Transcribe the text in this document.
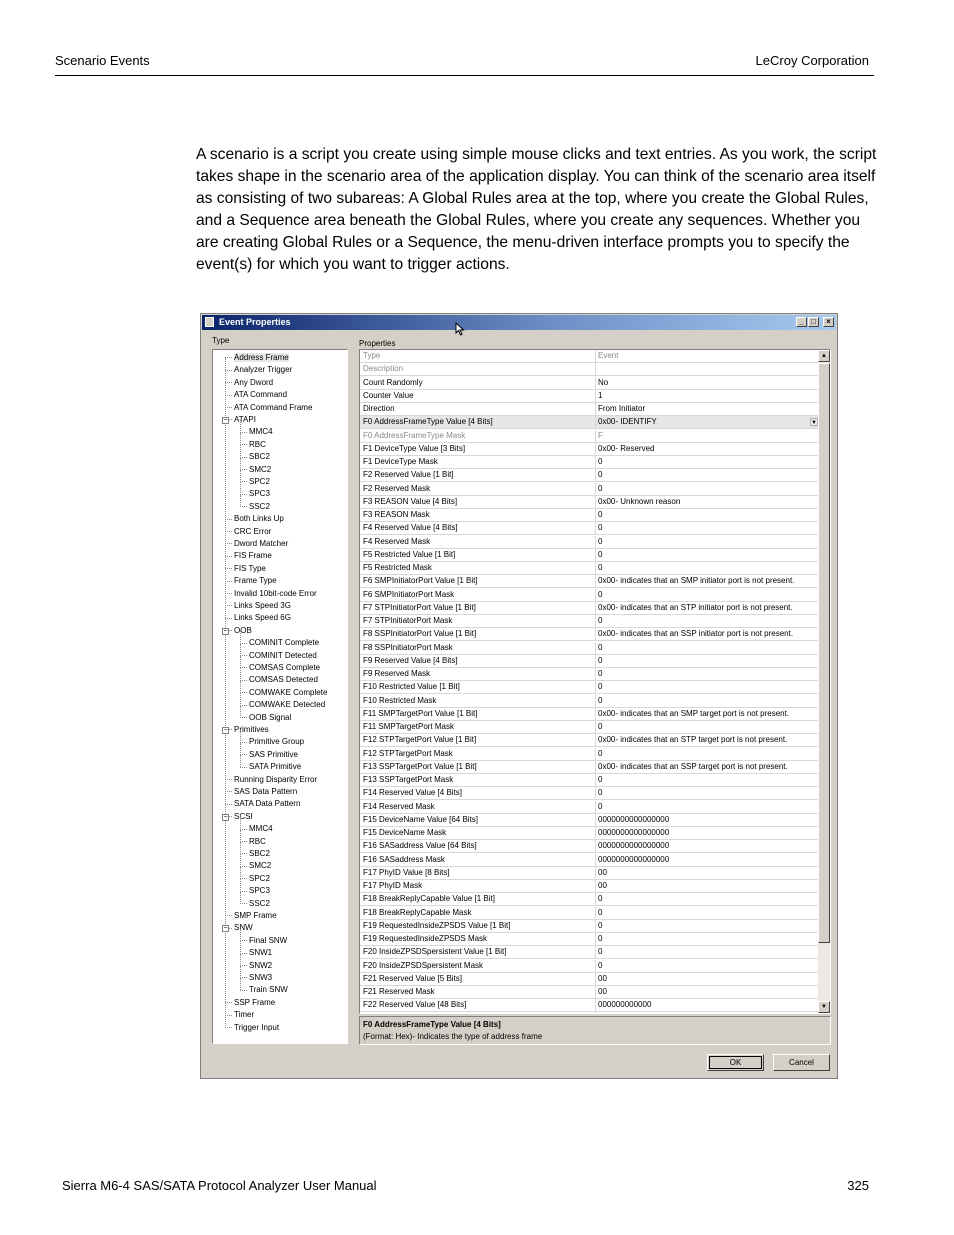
Scenario Events	LeCroy Corporation

A scenario is a script you create using simple mouse clicks and text entries. As you work, the script takes shape in the scenario area of the application display. You can think of the scenario area itself as consisting of two subareas: A Global Rules area at the top, where you create the Global Rules, and a Sequence area beneath the Global Rules, where you create any sequences. Whether you are creating Global Rules or a Sequence, the menu-driven interface prompts you to specify the event(s) for which you want to trigger actions.

Event Properties	_ □	×
Type	Properties
Address Frame
Analyzer Trigger
Any Dword
ATA Command
ATA Command Frame
ATAPI
−
MMC4
RBC
SBC2
SMC2
SPC2
SPC3
SSC2
Both Links Up
CRC Error
Dword Matcher
FIS Frame
FIS Type
Frame Type
Invalid 10bit-code Error
Links Speed 3G
Links Speed 6G
OOB
−
COMINIT Complete
COMINIT Detected
COMSAS Complete
COMSAS Detected
COMWAKE Complete
COMWAKE Detected
OOB Signal
Primitives
−
Primitive Group
SAS Primitive
SATA Primitive
Running Disparity Error
SAS Data Pattern
SATA Data Pattern
SCSI
−
MMC4
RBC
SBC2
SMC2
SPC2
SPC3
SSC2
SMP Frame
SNW
−
Final SNW
SNW1
SNW2
SNW3
Train SNW
SSP Frame
Timer
Trigger Input
F22 Reserved Value [48 Bits]	000000000000
F21 Reserved Mask	00
F21 Reserved Value [5 Bits]	00
F20 InsideZPSDSpersistent Mask	0
F20 InsideZPSDSpersistent Value [1 Bit]	0
F19 RequestedInsideZPSDS Mask	0
F19 RequestedInsideZPSDS Value [1 Bit]	0
F18 BreakReplyCapable Mask	0
F18 BreakReplyCapable Value [1 Bit]	0
F17 PhyID Mask	00
F17 PhyID Value [8 Bits]	00
F16 SASaddress Mask	0000000000000000
F16 SASaddress Value [64 Bits]	0000000000000000
F15 DeviceName Mask	0000000000000000
F15 DeviceName Value [64 Bits]	0000000000000000
F14 Reserved Mask	0
F14 Reserved Value [4 Bits]	0
F13 SSPTargetPort Mask	0
F13 SSPTargetPort Value [1 Bit]	0x00- indicates that an SSP target port is not present.
F12 STPTargetPort Mask	0
F12 STPTargetPort Value [1 Bit]	0x00- indicates that an STP target port is not present.
F11 SMPTargetPort Mask	0
F11 SMPTargetPort Value [1 Bit]	0x00- indicates that an SMP target port is not present.
F10 Restricted Mask	0
F10 Restricted Value [1 Bit]	0
F9 Reserved Mask	0
F9 Reserved Value [4 Bits]	0
F8 SSPInitiatorPort Mask	0
F8 SSPInitiatorPort Value [1 Bit]	0x00- indicates that an SSP initiator port is not present.
F7 STPInitiatorPort Mask	0
F7 STPInitiatorPort Value [1 Bit]	0x00- indicates that an STP initiator port is not present.
F6 SMPInitiatorPort Mask	0
F6 SMPInitiatorPort Value [1 Bit]	0x00- indicates that an SMP initiator port is not present.
F5 Restricted Mask	0
F5 Restricted Value [1 Bit]	0
F4 Reserved Mask	0
F4 Reserved Value [4 Bits]	0
F3 REASON Mask	0
F3 REASON Value [4 Bits]	0x00- Unknown reason
F2 Reserved Mask	0
F2 Reserved Value [1 Bit]	0
F1 DeviceType Mask	0
F1 DeviceType Value [3 Bits]	0x00- Reserved
F0 AddressFrameType Mask	F
F0 AddressFrameType Value [4 Bits]	0x00- IDENTIFY	▼
Direction	From Initiator
Counter Value	1
Count Randomly	No
Description
Type	Event	▲
▼
F0 AddressFrameType Value [4 Bits]
(Format: Hex)- Indicates the type of address frame
OK	Cancel
Sierra M6-4 SAS/SATA Protocol Analyzer User Manual	325
